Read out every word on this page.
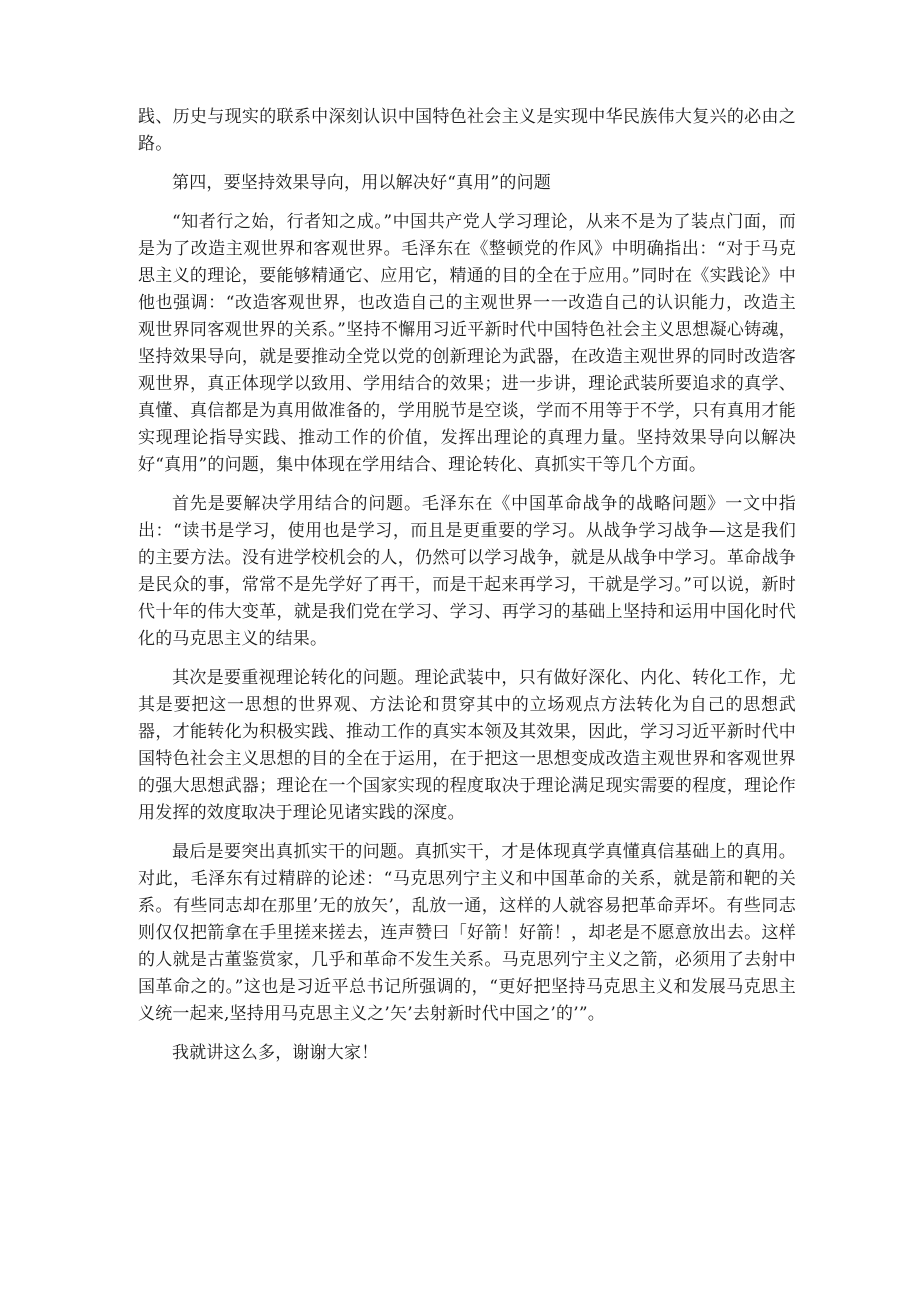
践、历史与现实的联系中深刻认识中国特色社会主义是实现中华民族伟大复兴的必由之路。

第四，要坚持效果导向，用以解决好“真用”的问题

“知者行之始，行者知之成。”中国共产党人学习理论，从来不是为了装点门面，而是为了改造主观世界和客观世界。毛泽东在《整顿党的作风》中明确指出：“对于马克思主义的理论，要能够精通它、应用它，精通的目的全在于应用。”同时在《实践论》中他也强调：“改造客观世界，也改造自己的主观世界一一改造自己的认识能力，改造主观世界同客观世界的关系。”坚持不懈用习近平新时代中国特色社会主义思想凝心铸魂，坚持效果导向，就是要推动全党以党的创新理论为武器，在改造主观世界的同时改造客观世界，真正体现学以致用、学用结合的效果；进一步讲，理论武装所要追求的真学、真懂、真信都是为真用做准备的，学用脱节是空谈，学而不用等于不学，只有真用才能实现理论指导实践、推动工作的价值，发挥出理论的真理力量。坚持效果导向以解决好“真用”的问题，集中体现在学用结合、理论转化、真抓实干等几个方面。

首先是要解决学用结合的问题。毛泽东在《中国革命战争的战略问题》一文中指出：“读书是学习，使用也是学习，而且是更重要的学习。从战争学习战争—这是我们的主要方法。没有进学校机会的人，仍然可以学习战争，就是从战争中学习。革命战争是民众的事，常常不是先学好了再干，而是干起来再学习，干就是学习。”可以说，新时代十年的伟大变革，就是我们党在学习、学习、再学习的基础上坚持和运用中国化时代化的马克思主义的结果。

其次是要重视理论转化的问题。理论武装中，只有做好深化、内化、转化工作，尤其是要把这一思想的世界观、方法论和贯穿其中的立场观点方法转化为自己的思想武器，才能转化为积极实践、推动工作的真实本领及其效果，因此，学习习近平新时代中国特色社会主义思想的目的全在于运用，在于把这一思想变成改造主观世界和客观世界的强大思想武器；理论在一个国家实现的程度取决于理论满足现实需要的程度，理论作用发挥的效度取决于理论见诸实践的深度。

最后是要突出真抓实干的问题。真抓实干，才是体现真学真懂真信基础上的真用。对此，毛泽东有过精辟的论述：“马克思列宁主义和中国革命的关系，就是箭和靶的关系。有些同志却在那里’无的放矢’，乱放一通，这样的人就容易把革命弄坏。有些同志则仅仅把箭拿在手里搓来搓去，连声赞曰「好箭！好箭！，却老是不愿意放出去。这样的人就是古董鉴赏家，几乎和革命不发生关系。马克思列宁主义之箭，必须用了去射中国革命之的。”这也是习近平总书记所强调的，“更好把坚持马克思主义和发展马克思主义统一起来,坚持用马克思主义之’矢’去射新时代中国之’的’”。

我就讲这么多，谢谢大家！
